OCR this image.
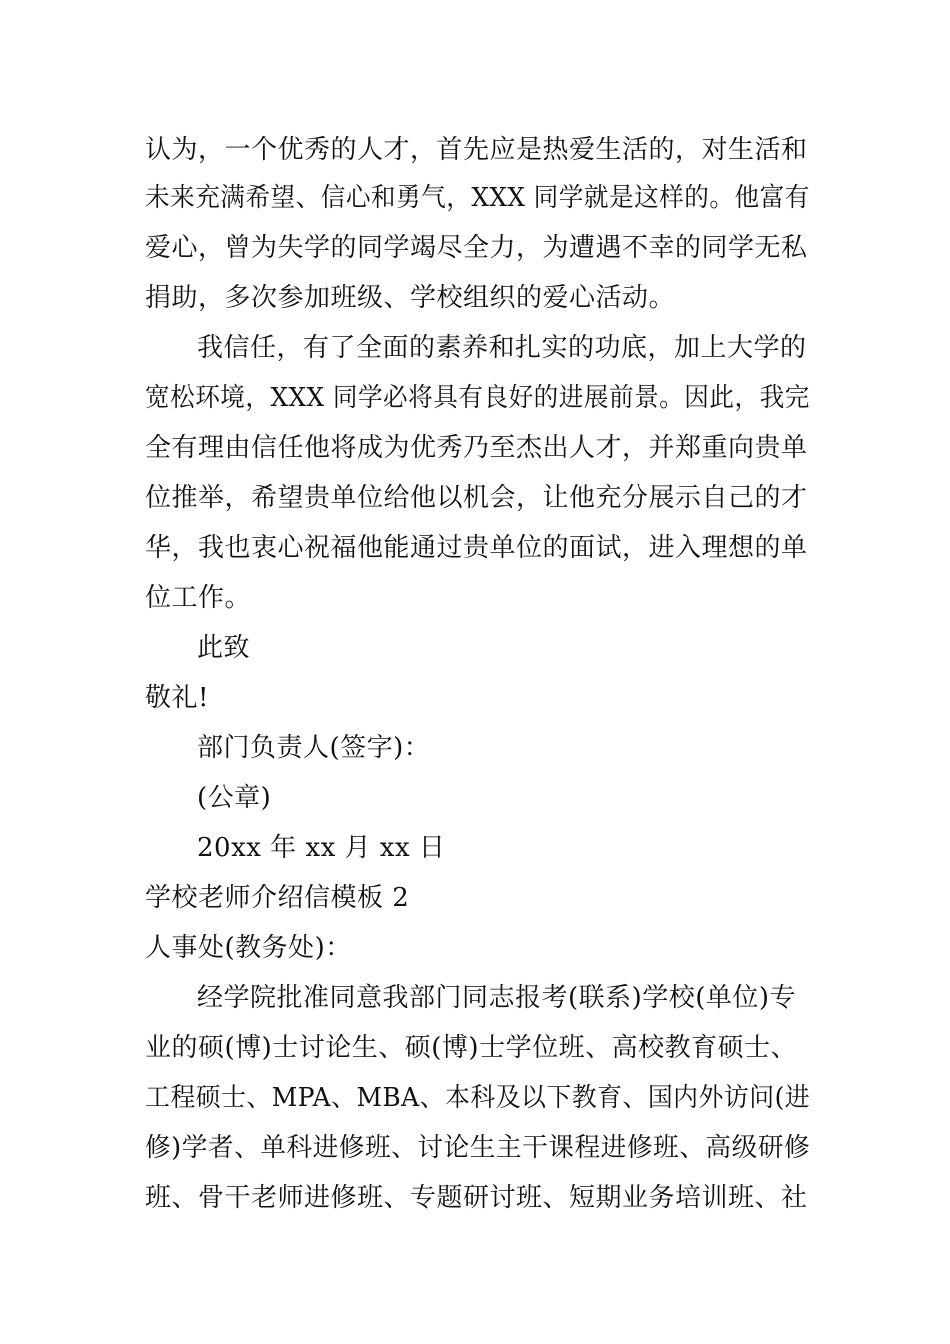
认为，一个优秀的人才，首先应是热爱生活的，对生活和
未来充满希望、信心和勇气，XXX 同学就是这样的。他富有
爱心，曾为失学的同学竭尽全力，为遭遇不幸的同学无私
捐助，多次参加班级、学校组织的爱心活动。
我信任，有了全面的素养和扎实的功底，加上大学的
宽松环境，XXX 同学必将具有良好的进展前景。因此，我完
全有理由信任他将成为优秀乃至杰出人才，并郑重向贵单
位推举，希望贵单位给他以机会，让他充分展示自己的才
华，我也衷心祝福他能通过贵单位的面试，进入理想的单
位工作。
此致
敬礼!
部门负责人(签字)：
(公章)
20xx 年 xx 月 xx 日
学校老师介绍信模板 2
人事处(教务处)：
经学院批准同意我部门同志报考(联系)学校(单位)专
业的硕(博)士讨论生、硕(博)士学位班、高校教育硕士、
工程硕士、MPA、MBA、本科及以下教育、国内外访问(进
修)学者、单科进修班、讨论生主干课程进修班、高级研修
班、骨干老师进修班、专题研讨班、短期业务培训班、社
